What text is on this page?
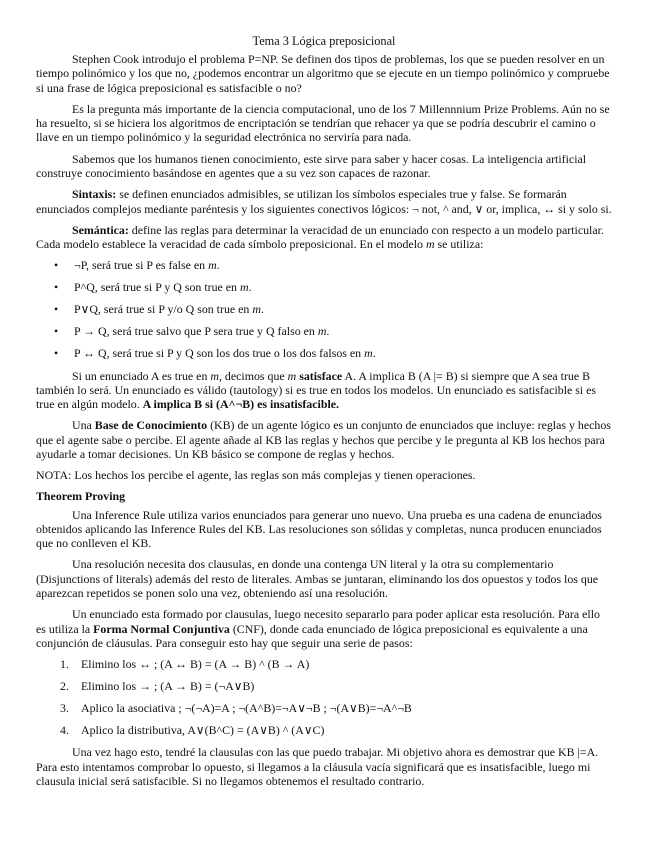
Tema 3 Lógica preposicional

Stephen Cook introdujo el problema P=NP. Se definen dos tipos de problemas, los que se pueden resolver en un tiempo polinómico y los que no, ¿podemos encontrar un algoritmo que se ejecute en un tiempo polinómico y compruebe si una frase de lógica preposicional es satisfacible o no?

Es la pregunta más importante de la ciencia computacional, uno de los 7 Millennnium Prize Problems. Aún no se ha resuelto, si se hiciera los algoritmos de encriptación se tendrían que rehacer ya que se podría descubrir el camino o llave en un tiempo polinómico y la seguridad electrónica no serviría para nada.

Sabemos que los humanos tienen conocimiento, este sirve para saber y hacer cosas. La inteligencia artificial construye conocimiento basándose en agentes que a su vez son capaces de razonar.

Sintaxis: se definen enunciados admisibles, se utilizan los símbolos especiales true y false. Se formarán enunciados complejos mediante paréntesis y los siguientes conectivos lógicos: ¬ not, ^ and, ∨ or, implica, ↔ si y solo si.

Semántica: define las reglas para determinar la veracidad de un enunciado con respecto a un modelo particular. Cada modelo establece la veracidad de cada símbolo preposicional. En el modelo m se utiliza:

• ¬P, será true si P es false en m.
• P^Q, será true si P y Q son true en m.
• P∨Q, será true si P y/o Q son true en m.
• P → Q, será true salvo que P sera true y Q falso en m.
• P ↔ Q, será true si P y Q son los dos true o los dos falsos en m.

Si un enunciado A es true en m, decimos que m satisface A. A implica B (A |= B) si siempre que A sea true B también lo será. Un enunciado es válido (tautology) si es true en todos los modelos. Un enunciado es satisfacible si es true en algún modelo. A implica B si (A^¬B) es insatisfacible.

Una Base de Conocimiento (KB) de un agente lógico es un conjunto de enunciados que incluye: reglas y hechos que el agente sabe o percibe. El agente añade al KB las reglas y hechos que percibe y le pregunta al KB los hechos para ayudarle a tomar decisiones. Un KB básico se compone de reglas y hechos.

NOTA: Los hechos los percibe el agente, las reglas son más complejas y tienen operaciones.

Theorem Proving

Una Inference Rule utiliza varios enunciados para generar uno nuevo. Una prueba es una cadena de enunciados obtenidos aplicando las Inference Rules del KB. Las resoluciones son sólidas y completas, nunca producen enunciados que no conlleven el KB.

Una resolución necesita dos clausulas, en donde una contenga UN literal y la otra su complementario (Disjunctions of literals) además del resto de literales. Ambas se juntaran, eliminando los dos opuestos y todos los que aparezcan repetidos se ponen solo una vez, obteniendo así una resolución.

Un enunciado esta formado por clausulas, luego necesito separarlo para poder aplicar esta resolución. Para ello es utiliza la Forma Normal Conjuntiva (CNF), donde cada enunciado de lógica preposicional es equivalente a una conjunción de cláusulas. Para conseguir esto hay que seguir una serie de pasos:

1. Elimino los ↔ ; (A ↔ B) = (A → B) ^ (B → A)
2. Elimino los → ; (A → B) = (¬A∨B)
3. Aplico la asociativa ; ¬(¬A)=A ; ¬(A^B)=¬A∨¬B ; ¬(A∨B)=¬A^¬B
4. Aplico la distributiva, A∨(B^C) = (A∨B) ^ (A∨C)

Una vez hago esto, tendré la clausulas con las que puedo trabajar. Mi objetivo ahora es demostrar que KB |=A. Para esto intentamos comprobar lo opuesto, si llegamos a la cláusula vacía significará que es insatisfacible, luego mi clausula inicial será satisfacible. Si no llegamos obtenemos el resultado contrario.
